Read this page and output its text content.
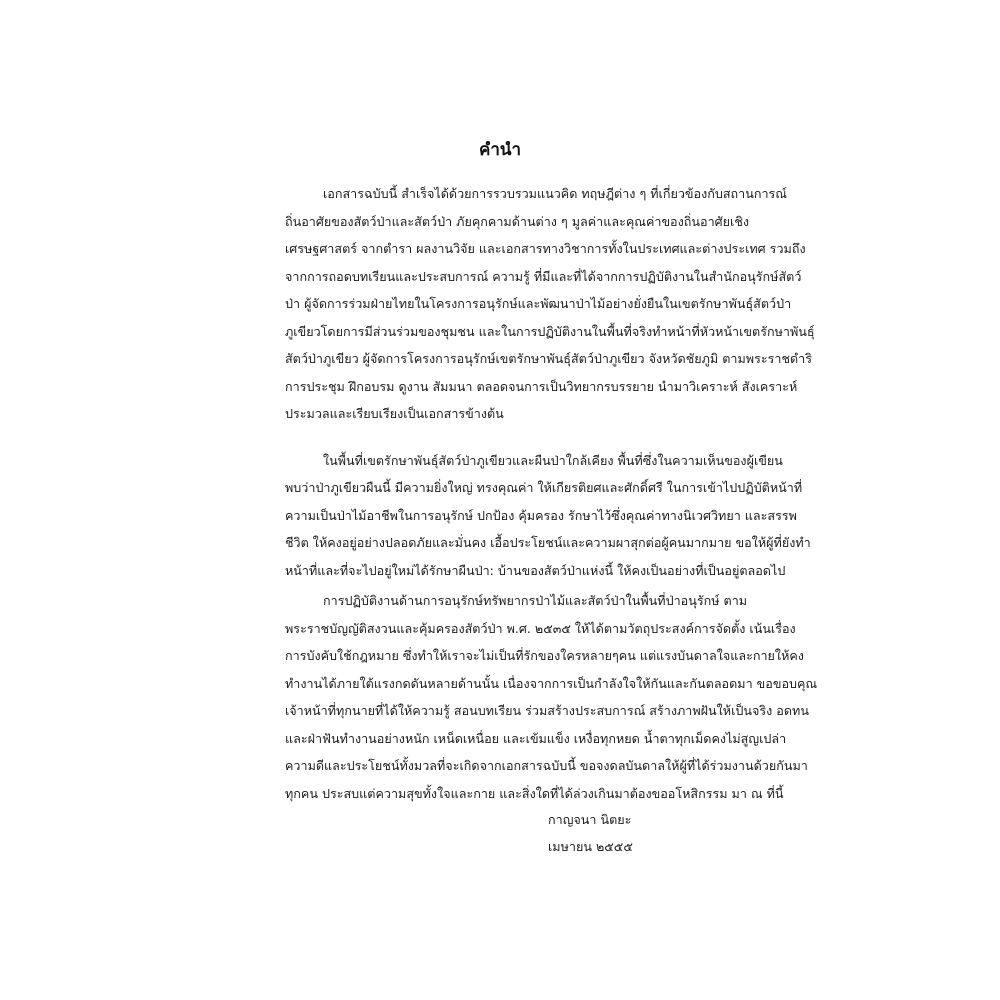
คำนำ

เอกสารฉบับนี้ สำเร็จได้ด้วยการรวบรวมแนวคิด ทฤษฎีต่าง ๆ ที่เกี่ยวข้องกับสถานการณ์
ถิ่นอาศัยของสัตว์ป่าและสัตว์ป่า ภัยคุกคามด้านต่าง ๆ มูลค่าและคุณค่าของถิ่นอาศัยเชิง
เศรษฐศาสตร์ จากตำรา ผลงานวิจัย และเอกสารทางวิชาการทั้งในประเทศและต่างประเทศ รวมถึง
จากการถอดบทเรียนและประสบการณ์ ความรู้ ที่มีและที่ได้จากการปฏิบัติงานในสำนักอนุรักษ์สัตว์
ป่า ผู้จัดการร่วมฝ่ายไทยในโครงการอนุรักษ์และพัฒนาป่าไม้อย่างยั่งยืนในเขตรักษาพันธุ์สัตว์ป่า
ภูเขียวโดยการมีส่วนร่วมของชุมชน และในการปฏิบัติงานในพื้นที่จริงทำหน้าที่หัวหน้าเขตรักษาพันธุ์
สัตว์ป่าภูเขียว ผู้จัดการโครงการอนุรักษ์เขตรักษาพันธุ์สัตว์ป่าภูเขียว จังหวัดชัยภูมิ ตามพระราชดำริ
การประชุม ฝึกอบรม ดูงาน สัมมนา ตลอดจนการเป็นวิทยากรบรรยาย นำมาวิเคราะห์ สังเคราะห์
ประมวลและเรียบเรียงเป็นเอกสารข้างต้น

ในพื้นที่เขตรักษาพันธุ์สัตว์ป่าภูเขียวและผืนป่าใกล้เคียง พื้นที่ซึ่งในความเห็นของผู้เขียน
พบว่าป่าภูเขียวผืนนี้ มีความยิ่งใหญ่ ทรงคุณค่า ให้เกียรติยศและศักดิ์ศรี ในการเข้าไปปฏิบัติหน้าที่
ความเป็นป่าไม้อาชีพในการอนุรักษ์ ปกป้อง คุ้มครอง รักษาไว้ซึ่งคุณค่าทางนิเวศวิทยา และสรรพ
ชีวิต ให้คงอยู่อย่างปลอดภัยและมั่นคง เอื้อประโยชน์และความผาสุกต่อผู้คนมากมาย ขอให้ผู้ที่ยังทำ
หน้าที่และที่จะไปอยู่ใหม่ได้รักษาผืนป่า: บ้านของสัตว์ป่าแห่งนี้ ให้คงเป็นอย่างที่เป็นอยู่ตลอดไป

การปฏิบัติงานด้านการอนุรักษ์ทรัพยากรป่าไม้และสัตว์ป่าในพื้นที่ป่าอนุรักษ์ ตาม
พระราชบัญญัติสงวนและคุ้มครองสัตว์ป่า พ.ศ. ๒๕๓๕ ให้ได้ตามวัตถุประสงค์การจัดตั้ง เน้นเรื่อง
การบังคับใช้กฎหมาย ซึ่งทำให้เราจะไม่เป็นที่รักของใครหลายๆคน แต่แรงบันดาลใจและกายให้คง
ทำงานได้ภายใต้แรงกดดันหลายด้านนั้น เนื่องจากการเป็นกำลังใจให้กันและกันตลอดมา ขอขอบคุณ
เจ้าหน้าที่ทุกนายที่ได้ให้ความรู้ สอนบทเรียน ร่วมสร้างประสบการณ์ สร้างภาพฝันให้เป็นจริง อดทน
และฝ่าฟันทำงานอย่างหนัก เหน็ดเหนื่อย และเข้มแข็ง เหงื่อทุกหยด น้ำตาทุกเม็ดคงไม่สูญเปล่า
ความดีและประโยชน์ทั้งมวลที่จะเกิดจากเอกสารฉบับนี้ ขอจงดลบันดาลให้ผู้ที่ได้ร่วมงานด้วยกันมา
ทุกคน ประสบแต่ความสุขทั้งใจและกาย และสิ่งใดที่ได้ล่วงเกินมาต้องขออโหสิกรรม มา ณ ที่นี้

กาญจนา นิตยะ
เมษายน ๒๕๕๕
